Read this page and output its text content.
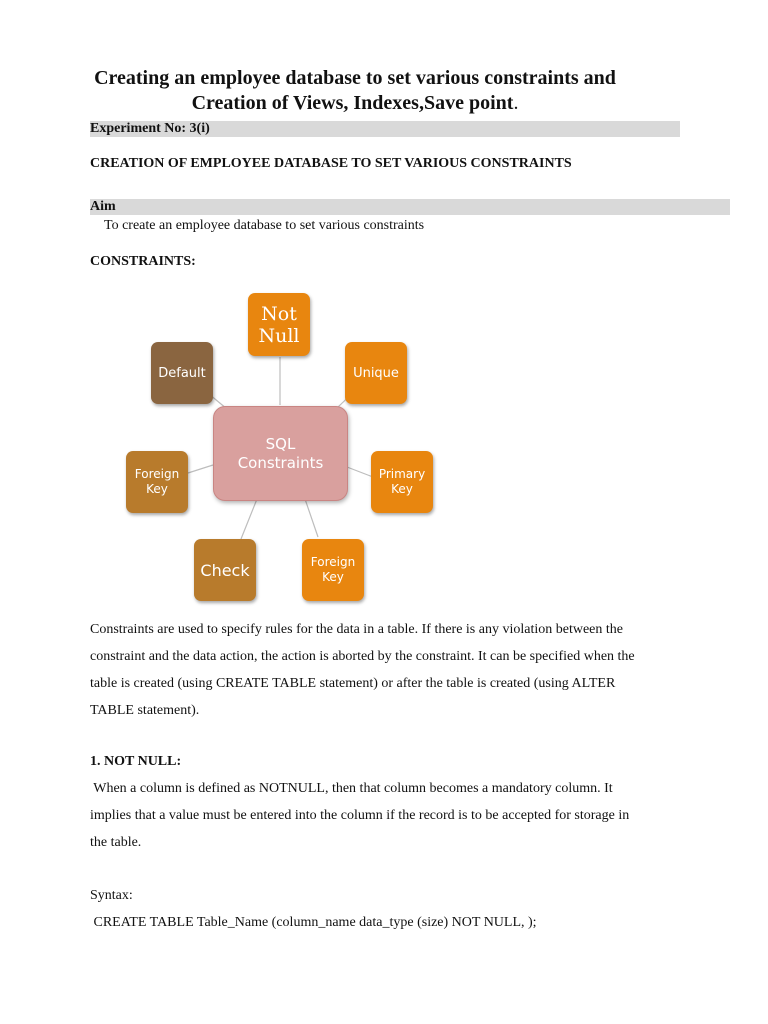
Creating an employee database to set various constraints and
Creation of Views, Indexes,Save point.
Experiment No: 3(i)
CREATION OF EMPLOYEE DATABASE TO SET VARIOUS CONSTRAINTS
Aim
To create an employee database to set various constraints
CONSTRAINTS:
SQL
Constraints
Not
Null
Unique
Primary
Key
Foreign
Key
Check
Foreign
Key
Default
Constraints are used to specify rules for the data in a table. If there is any violation between the
constraint and the data action, the action is aborted by the constraint. It can be specified when the
table is created (using CREATE TABLE statement) or after the table is created (using ALTER
TABLE statement).
1. NOT NULL:
When a column is defined as NOTNULL, then that column becomes a mandatory column. It
implies that a value must be entered into the column if the record is to be accepted for storage in
the table.
Syntax:
CREATE TABLE Table_Name (column_name data_type (size) NOT NULL, );
